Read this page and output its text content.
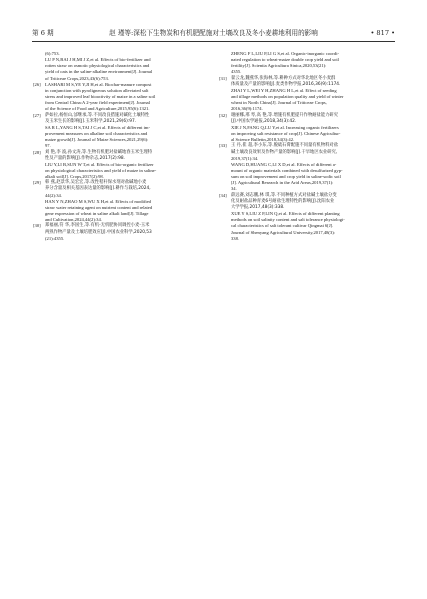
第 6 期	赵 瑾等:深松下生物炭和有机肥配施对土壤改良及冬小麦耕地利用的影响	• 817 •
(6):753.
LU P N,BAI J H,MI J Z,et al. Effects of bio-fertilizer and
rotten straw on osmotic physiological characteristics and
yield of oats in the saline-alkaline environment[J]. Journal
of Triticeae Crops,2023,43(6):753.
[26] LASHARI M S,YE Y,JI H,et al. Biochar-manure compost
in conjunction with pyroligneous solution alleviated salt
stress and improved leaf bioactivity of maize in a saline soil
from Central China:A 2-year field experiment[J]. Journal
of the Science of Food and Agriculture,2015,95(6):1321.
[27] 萨如拉,杨恒山,邰继承,等.不同改良措施对碱化土壤特性
及玉米生长的影响[J].玉米科学,2021,29(6):97.
SA R L,YANG H S,TAI J C,et al. Effects of different im-
provement measures on alkaline soil characteristics and
maize growth[J]. Journal of Maize Sciences,2021,29(6):
97.
[28] 刘 艳,李 波,孙文涛,等.生物有机肥对盐碱地春玉米生理特
性及产量的影响[J].作物杂志,2017(2):98.
LIU Y,LI B,SUN W T,et al. Effects of bio-organic fertilizer
on physiological characteristics and yield of maize in saline-
alkali soil[J]. Crops,2017(2):98.
[29] 韩 燕,赵景华,吴宏宏,等.改性秸秆保水剂对盐碱地小麦
养分含量及相关基因表达量的影响[J].耕作与栽培,2024,
44(2):34.
HAN Y N,ZHAO M S,WU X H,et al. Effects of modified
straw water retaining agent on nutrient content and related
gene expression of wheat in saline alkali land[J]. Tillage
and Cultivation,2024,44(2):34.
[30] 郑福丽,符 华,李国生,等.有机-无机肥协同调控小麦-玉米
两熟作物产量及土壤培肥效应[J].中国农业科学,2020,53
(21):4355.
ZHENG F L,LIU P,LI G S,et al. Organic-inorganic coordi-
nated regulation to wheat-maize double crop yield and soil
fertility[J]. Scientia Agricultura Sinica,2020,53(21):
4355.
[31] 翟云龙,魏燕华,张海林,等.耕种方式对华北地区冬小麦群
体质量及产量的影响[J].麦类作物学报,2016,36(9):1174.
ZHAI Y L,WEI Y H,ZHANG H L,et al. Effect of seeding
and tillage methods on population quality and yield of winter
wheat in North China[J]. Journal of Triticeae Crops,
2016,36(9):1174.
[32] 谢丽娜,邢 琴,高 艳,等.增施有机肥提升作物耐盐能力研究
[J].中国农学通报,2018,34(3):42.
XIE J N,FANG Q,LU Y,et al. Increasing organic fertilizers
on improving salt resistance of crop[J]. Chinese Agricultur-
al Science Bulletin,2018,34(3):42.
[33] 王 丹,崔 超,李小东,等.脱硫石膏配施不同量有机物料对盐
碱土壤改良效果及作物产量的影响[J].干旱地区农业研究,
2019,37(1):34.
WANG D,HUANG C,LI X D,et al. Effects of different a-
mount of organic materials combined with desulfurized gyp-
sum on soil improvement and crop yield in saline-sodic soil
[J]. Agricultural Research in the Arid Areas,2019,37(1):
34.
[34] 薛远赛,刘志鹏,林 琪,等.不同种植方式对盐碱土壤盐分变
化及耐盐品种青麦6号耐盐生理特性的影响[J].沈阳农业
大学学报,2017,48(3):338.
XUE Y S,LIU Z P,LIN Q,et al. Effects of different planting
methods on soil salinity content and salt tolerance physiologi-
cal characteristics of salt tolerant cultivar Qingmai 6[J].
Journal of Shenyang Agricultural University,2017,48(3):
338.
